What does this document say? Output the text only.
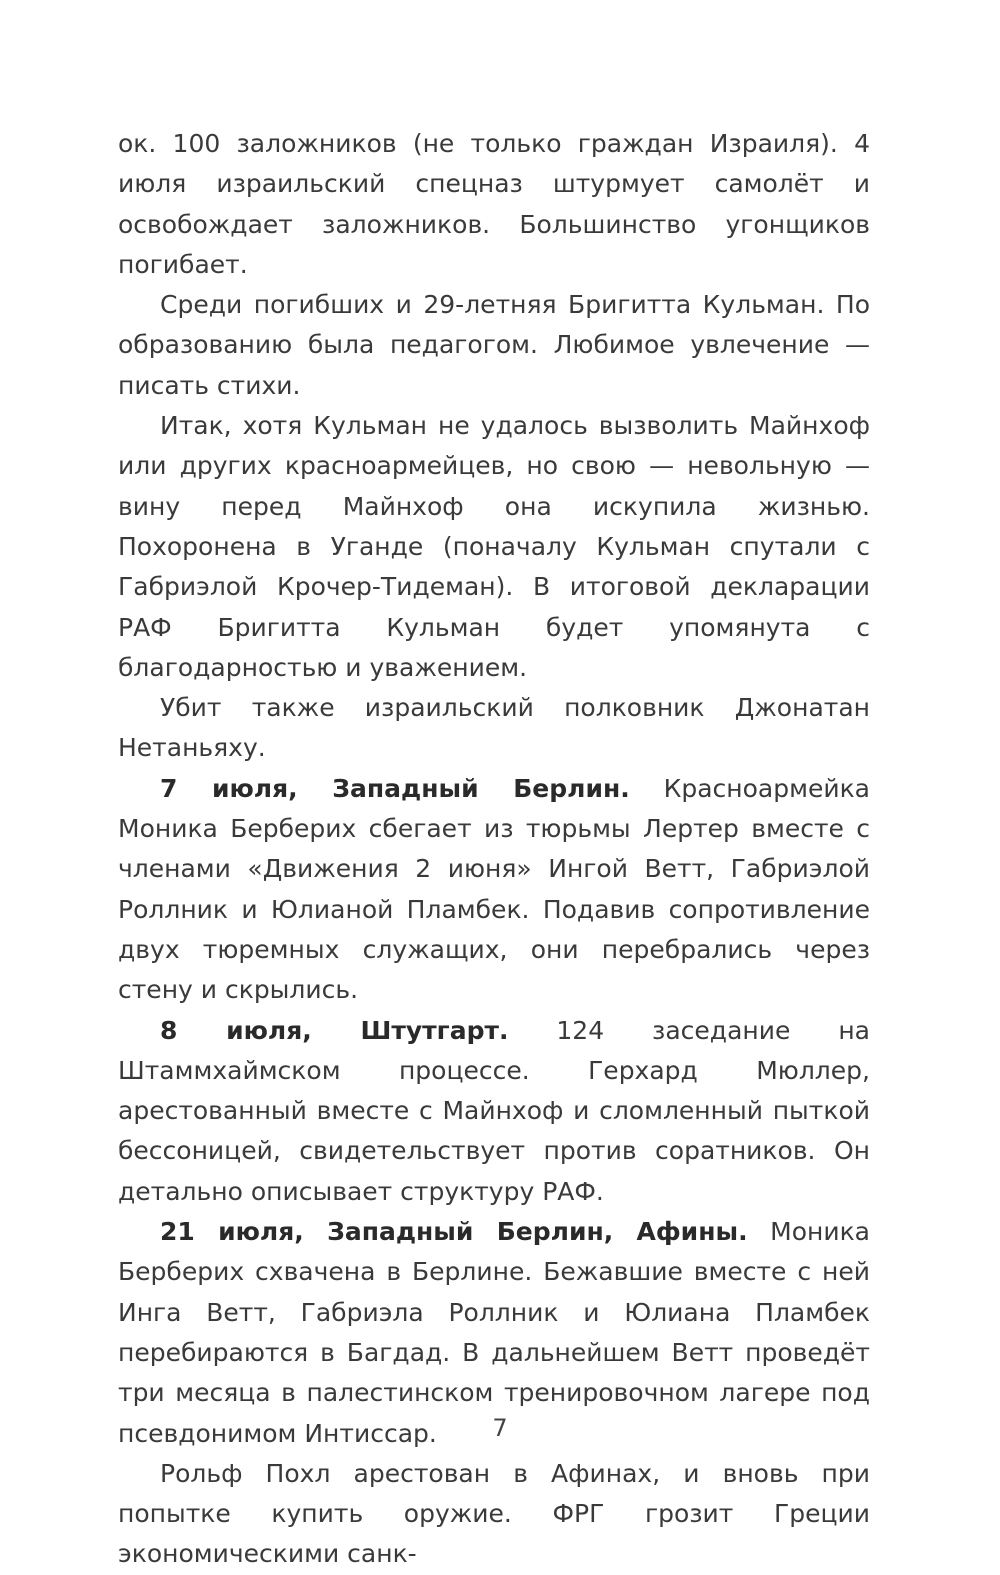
ок. 100 заложников (не только граждан Израиля). 4 июля израильский спецназ штурмует самолёт и освобождает заложников. Большинство угонщиков погибает.

Среди погибших и 29-летняя Бригитта Кульман. По образованию была педагогом. Любимое увлечение — писать стихи.

Итак, хотя Кульман не удалось вызволить Майнхоф или других красноармейцев, но свою — невольную — вину перед Майнхоф она искупила жизнью. Похоронена в Уганде (поначалу Кульман спутали с Габриэлой Крочер-Тидеман). В итоговой декларации РАФ Бригитта Кульман будет упомянута с благодарностью и уважением.

Убит также израильский полковник Джонатан Нетаньяху.

7 июля, Западный Берлин. Красноармейка Моника Берберих сбегает из тюрьмы Лертер вместе с членами «Движения 2 июня» Ингой Ветт, Габриэлой Роллник и Юлианой Пламбек. Подавив сопротивление двух тюремных служащих, они перебрались через стену и скрылись.

8 июля, Штутгарт. 124 заседание на Штаммхаймском процессе. Герхард Мюллер, арестованный вместе с Майнхоф и сломленный пыткой бессоницей, свидетельствует против соратников. Он детально описывает структуру РАФ.

21 июля, Западный Берлин, Афины. Моника Берберих схвачена в Берлине. Бежавшие вместе с ней Инга Ветт, Габриэла Роллник и Юлиана Пламбек перебираются в Багдад. В дальнейшем Ветт проведёт три месяца в палестинском тренировочном лагере под псевдонимом Интиссар.

Рольф Похл арестован в Афинах, и вновь при попытке купить оружие. ФРГ грозит Греции экономическими санк-

7
